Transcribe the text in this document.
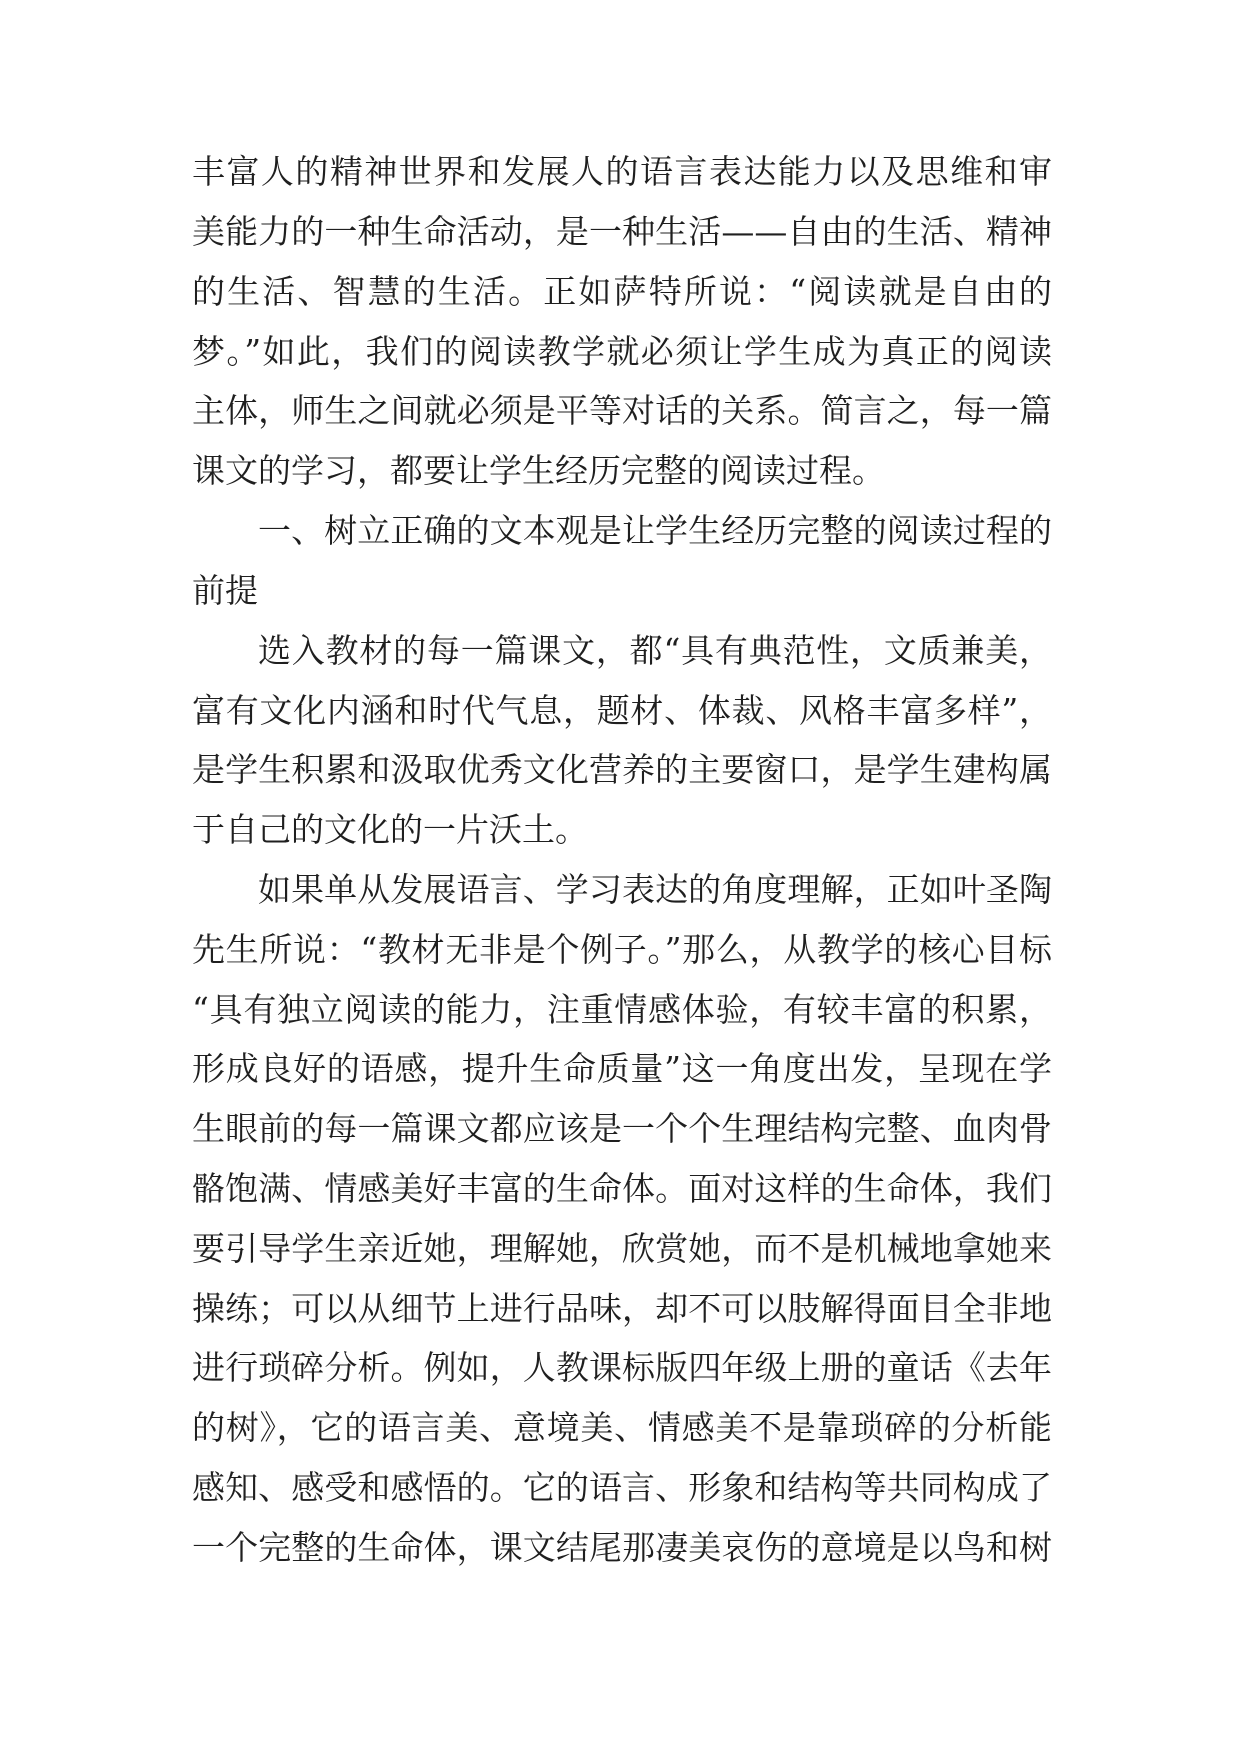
丰富人的精神世界和发展人的语言表达能力以及思维和审
美能力的一种生命活动，是一种生活——自由的生活、精神
的生活、智慧的生活。正如萨特所说：“阅读就是自由的
梦。”如此，我们的阅读教学就必须让学生成为真正的阅读
主体，师生之间就必须是平等对话的关系。简言之，每一篇
课文的学习，都要让学生经历完整的阅读过程。
一、树立正确的文本观是让学生经历完整的阅读过程的
前提
选入教材的每一篇课文，都“具有典范性，文质兼美，
富有文化内涵和时代气息，题材、体裁、风格丰富多样”，
是学生积累和汲取优秀文化营养的主要窗口，是学生建构属
于自己的文化的一片沃土。
如果单从发展语言、学习表达的角度理解，正如叶圣陶
先生所说：“教材无非是个例子。”那么，从教学的核心目标
“具有独立阅读的能力，注重情感体验，有较丰富的积累，
形成良好的语感，提升生命质量”这一角度出发，呈现在学
生眼前的每一篇课文都应该是一个个生理结构完整、血肉骨
骼饱满、情感美好丰富的生命体。面对这样的生命体，我们
要引导学生亲近她，理解她，欣赏她，而不是机械地拿她来
操练；可以从细节上进行品味，却不可以肢解得面目全非地
进行琐碎分析。例如，人教课标版四年级上册的童话《去年
的树》，它的语言美、意境美、情感美不是靠琐碎的分析能
感知、感受和感悟的。它的语言、形象和结构等共同构成了
一个完整的生命体，课文结尾那凄美哀伤的意境是以鸟和树
